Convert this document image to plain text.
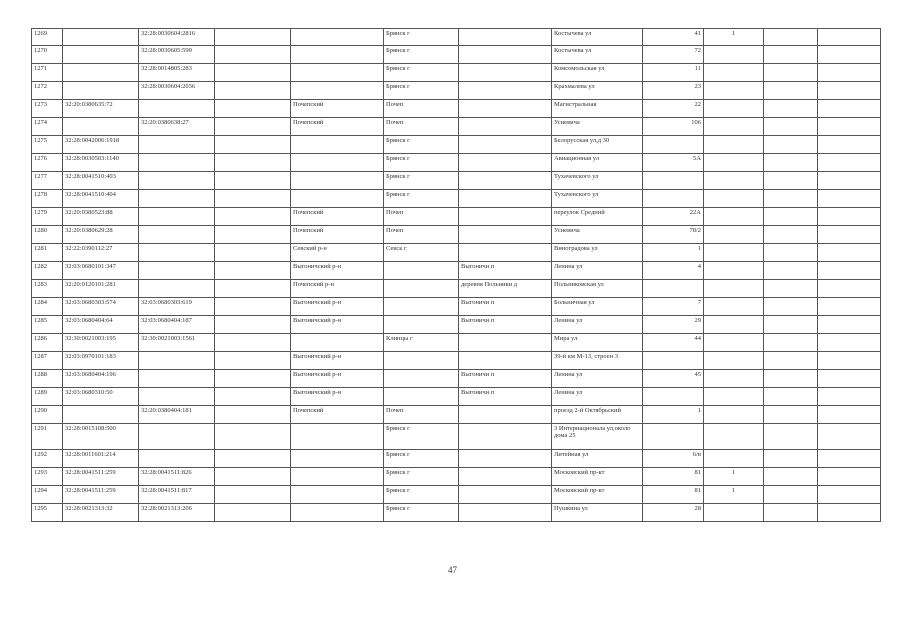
1269		32:28:0030604:2816			Брянск г		Костычева ул	41	1		
1270		32:28:0030605:590			Брянск г		Костычева ул	72			
1271		32:28:0014805:283			Брянск г		Комсомольская ул	11			
1272		32:28:0030604:2036			Брянск г		Крахмалева ул	23			
1273	32:20:0380635:72			Почепский	Почеп		Магистральная	22			
1274		32:20:0380638:27		Почепский	Почеп		Усиевича	106			
1275	32:28:0042006:1918				Брянск г		Белорусская ул,д 30				
1276	32:28:0030503:1140				Брянск г		Авиационная ул	5А			
1277	32:28:0041510:403				Брянск г		Тухачевского ул				
1278	32:28:0041510:404				Брянск г		Тухачевского ул				
1279	32:20:0380523:88			Почепский	Почеп		переулок Средний	22А			
1280	32:20:0380629:28			Почепский	Почеп		Усиевича	78/2			
1281	32:22:0390112:27			Севский р-н	Севск г		Виноградова ул	1			
1282	32:03:0680101:347			Выгоничский р-н		Выгоничи п	Ленина ул	4			
1283	32:20:0120101:281			Почепский р-н		деревня Польники д	Польниковская ул				
1284	32:03:0680303:574	32:03:0680303:619		Выгоничский р-н		Выгоничи п	Больничная ул	7			
1285	32:03:0680404:64	32:03:0680404:187		Выгоничский р-н		Выгоничи п	Ленина ул	29			
1286	32:30:0021003:195	32:30:0021003:1561			Клинцы г		Мира ул	44			
1287	32:03:0970101:183			Выгоничский р-н			39-й км М-13, строен 3				
1288	32:03:0680404:196			Выгоничский р-н		Выгоничи п	Ленина ул	45			
1289	32:03:0680310:50			Выгоничский р-н		Выгоничи п	Ленина ул				
1290		32:20:0380404:181		Почепский	Почеп		проезд 2-й Октябрьский	1			
1291	32:28:0015108:500				Брянск г		3 Интернационала ул,около дома 25				
1292	32:28:0011601:214				Брянск г		Литейная ул	6/в			
1293	32:28:0041511:259	32:28:0041511:826			Брянск г		Московский пр-кт	81	1		
1294	32:28:0041511:259	32:28:0041511:817			Брянск г		Московский пр-кт	81	1		
1295	32:28:0021313:32	32:28:0021313:206			Брянск г		Пушкина ул	28			
47
